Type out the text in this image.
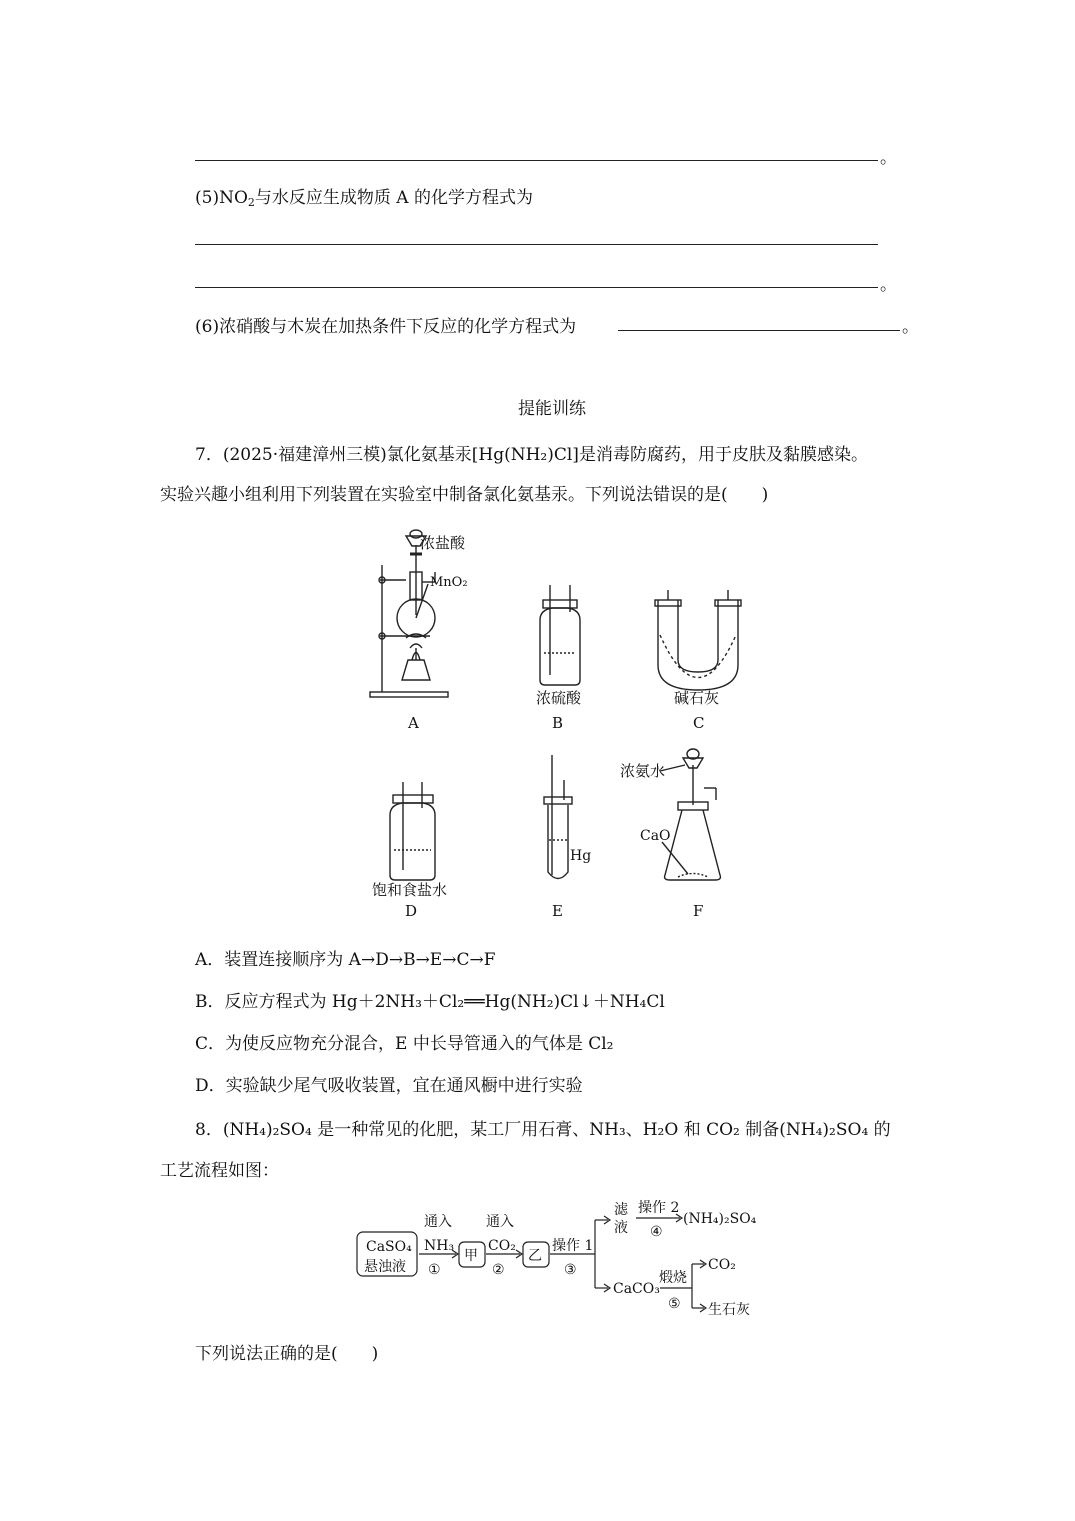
。
$(5)NO_2$与水反应生成物质 A 的化学方程式为
。
(6)浓硝酸与木炭在加热条件下反应的化学方程式为	。
提能训练
7．(2025·福建漳州三模)氯化氨基汞[Hg(NH₂)Cl]是消毒防腐药，用于皮肤及黏膜感染。
实验兴趣小组利用下列装置在实验室中制备氯化氨基汞。下列说法错误的是(　　)
浓盐酸
MnO₂
A
浓硫酸
B
碱石灰
C
饱和食盐水
D
Hg
E
浓氨水
CaO
F
A．装置连接顺序为 A→D→B→E→C→F
B．反应方程式为 Hg＋2NH₃＋Cl₂══Hg(NH₂)Cl↓＋NH₄Cl
C．为使反应物充分混合，E 中长导管通入的气体是 Cl₂
D．实验缺少尾气吸收装置，宜在通风橱中进行实验
8．(NH₄)₂SO₄ 是一种常见的化肥，某工厂用石膏、NH₃、H₂O 和 CO₂ 制备(NH₄)₂SO₄ 的
工艺流程如图：
CaSO₄
悬浊液
通入
NH₃
①
甲
通入
CO₂
②
乙
操作 1
③
滤
液
操作 2
④
(NH₄)₂SO₄
CaCO₃
煅烧
⑤
CO₂
生石灰
下列说法正确的是(　　)
